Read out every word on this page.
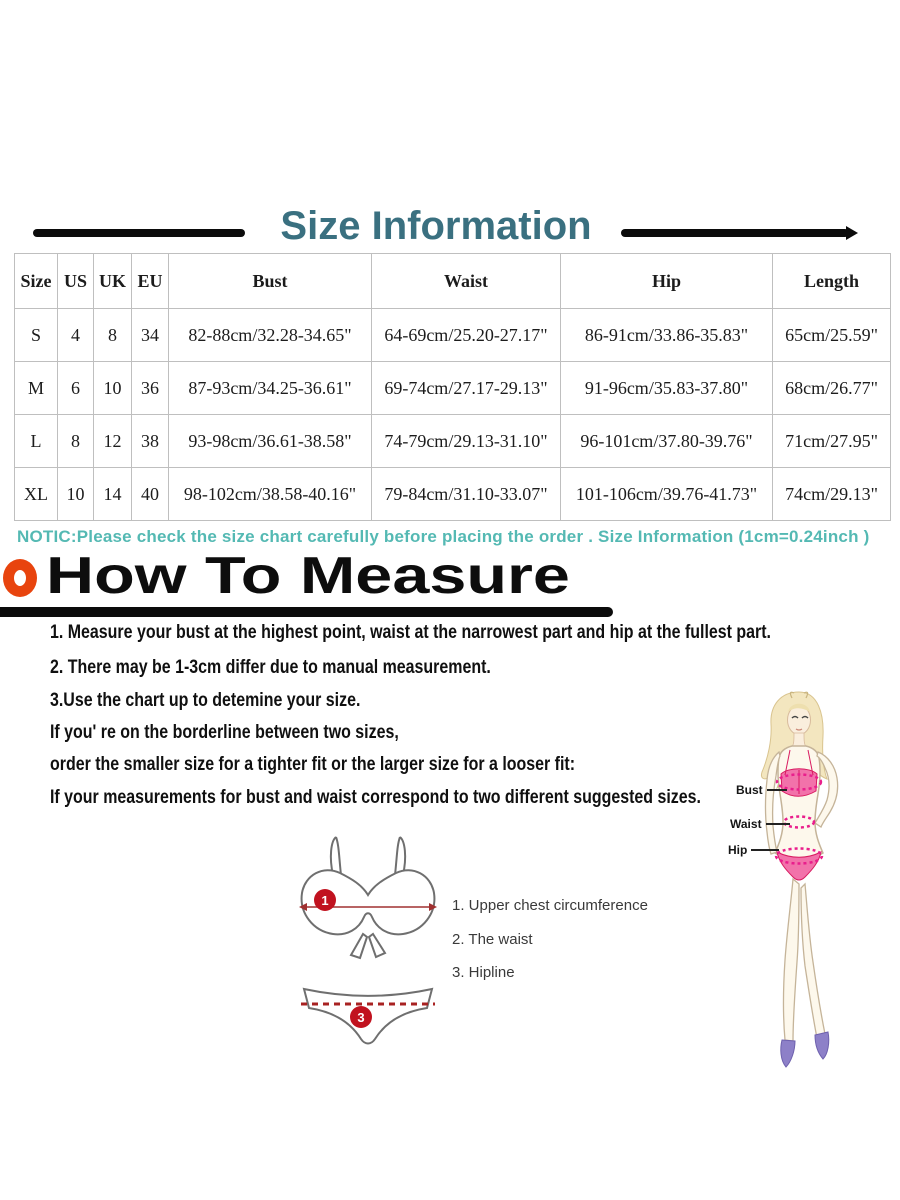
Size Information
Size	US	UK	EU	Bust	Waist	Hip	Length
S	4	8	34	82-88cm/32.28-34.65"	64-69cm/25.20-27.17"	86-91cm/33.86-35.83"	65cm/25.59"
M	6	10	36	87-93cm/34.25-36.61"	69-74cm/27.17-29.13"	91-96cm/35.83-37.80"	68cm/26.77"
L	8	12	38	93-98cm/36.61-38.58"	74-79cm/29.13-31.10"	96-101cm/37.80-39.76"	71cm/27.95"
XL	10	14	40	98-102cm/38.58-40.16"	79-84cm/31.10-33.07"	101-106cm/39.76-41.73"	74cm/29.13"
NOTIC:Please check the size chart carefully before placing the order . Size Information (1cm=0.24inch )
How To Measure
1. Measure your bust at the highest point, waist at the narrowest part and hip at the fullest part.
2. There may be 1-3cm differ due to manual measurement.
3.Use the chart up to detemine your size.
If you' re on the borderline between two sizes,
order the smaller size for a tighter fit or the larger size for a looser fit:
If your measurements for bust and waist correspond to two different suggested sizes.
1	1. Upper chest circumference
2. The waist
3. Hipline
3
Bust
Waist
Hip
